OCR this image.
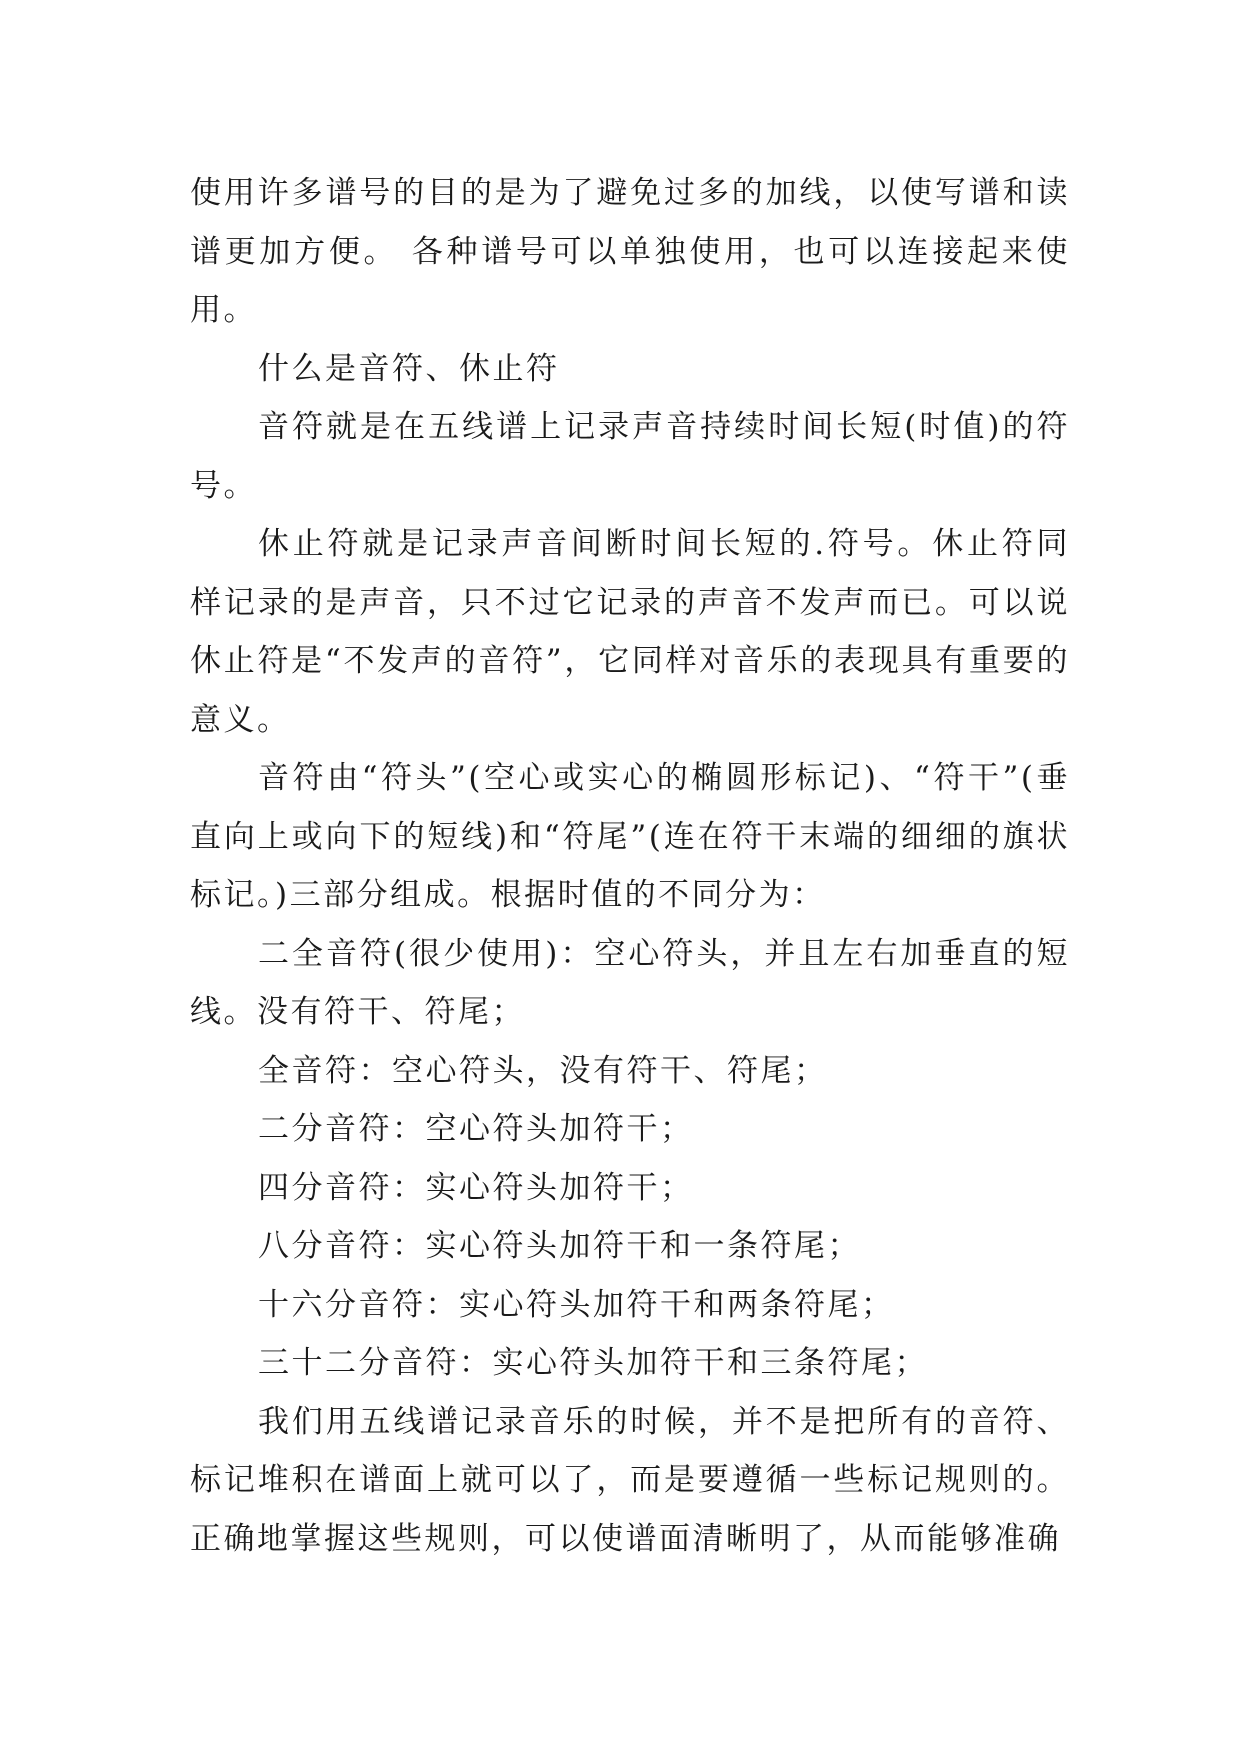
使用许多谱号的目的是为了避免过多的加线，以使写谱和读谱更加方便。 各种谱号可以单独使用，也可以连接起来使用。

什么是音符、休止符

音符就是在五线谱上记录声音持续时间长短(时值)的符号。

休止符就是记录声音间断时间长短的.符号。休止符同样记录的是声音，只不过它记录的声音不发声而已。可以说休止符是“不发声的音符”，它同样对音乐的表现具有重要的意义。

音符由“符头”(空心或实心的椭圆形标记)、“符干”(垂直向上或向下的短线)和“符尾”(连在符干末端的细细的旗状标记。)三部分组成。根据时值的不同分为：

二全音符(很少使用)：空心符头，并且左右加垂直的短线。没有符干、符尾；

全音符：空心符头，没有符干、符尾；

二分音符：空心符头加符干；

四分音符：实心符头加符干；

八分音符：实心符头加符干和一条符尾；

十六分音符：实心符头加符干和两条符尾；

三十二分音符：实心符头加符干和三条符尾；

我们用五线谱记录音乐的时候，并不是把所有的音符、标记堆积在谱面上就可以了，而是要遵循一些标记规则的。正确地掌握这些规则，可以使谱面清晰明了，从而能够准确
